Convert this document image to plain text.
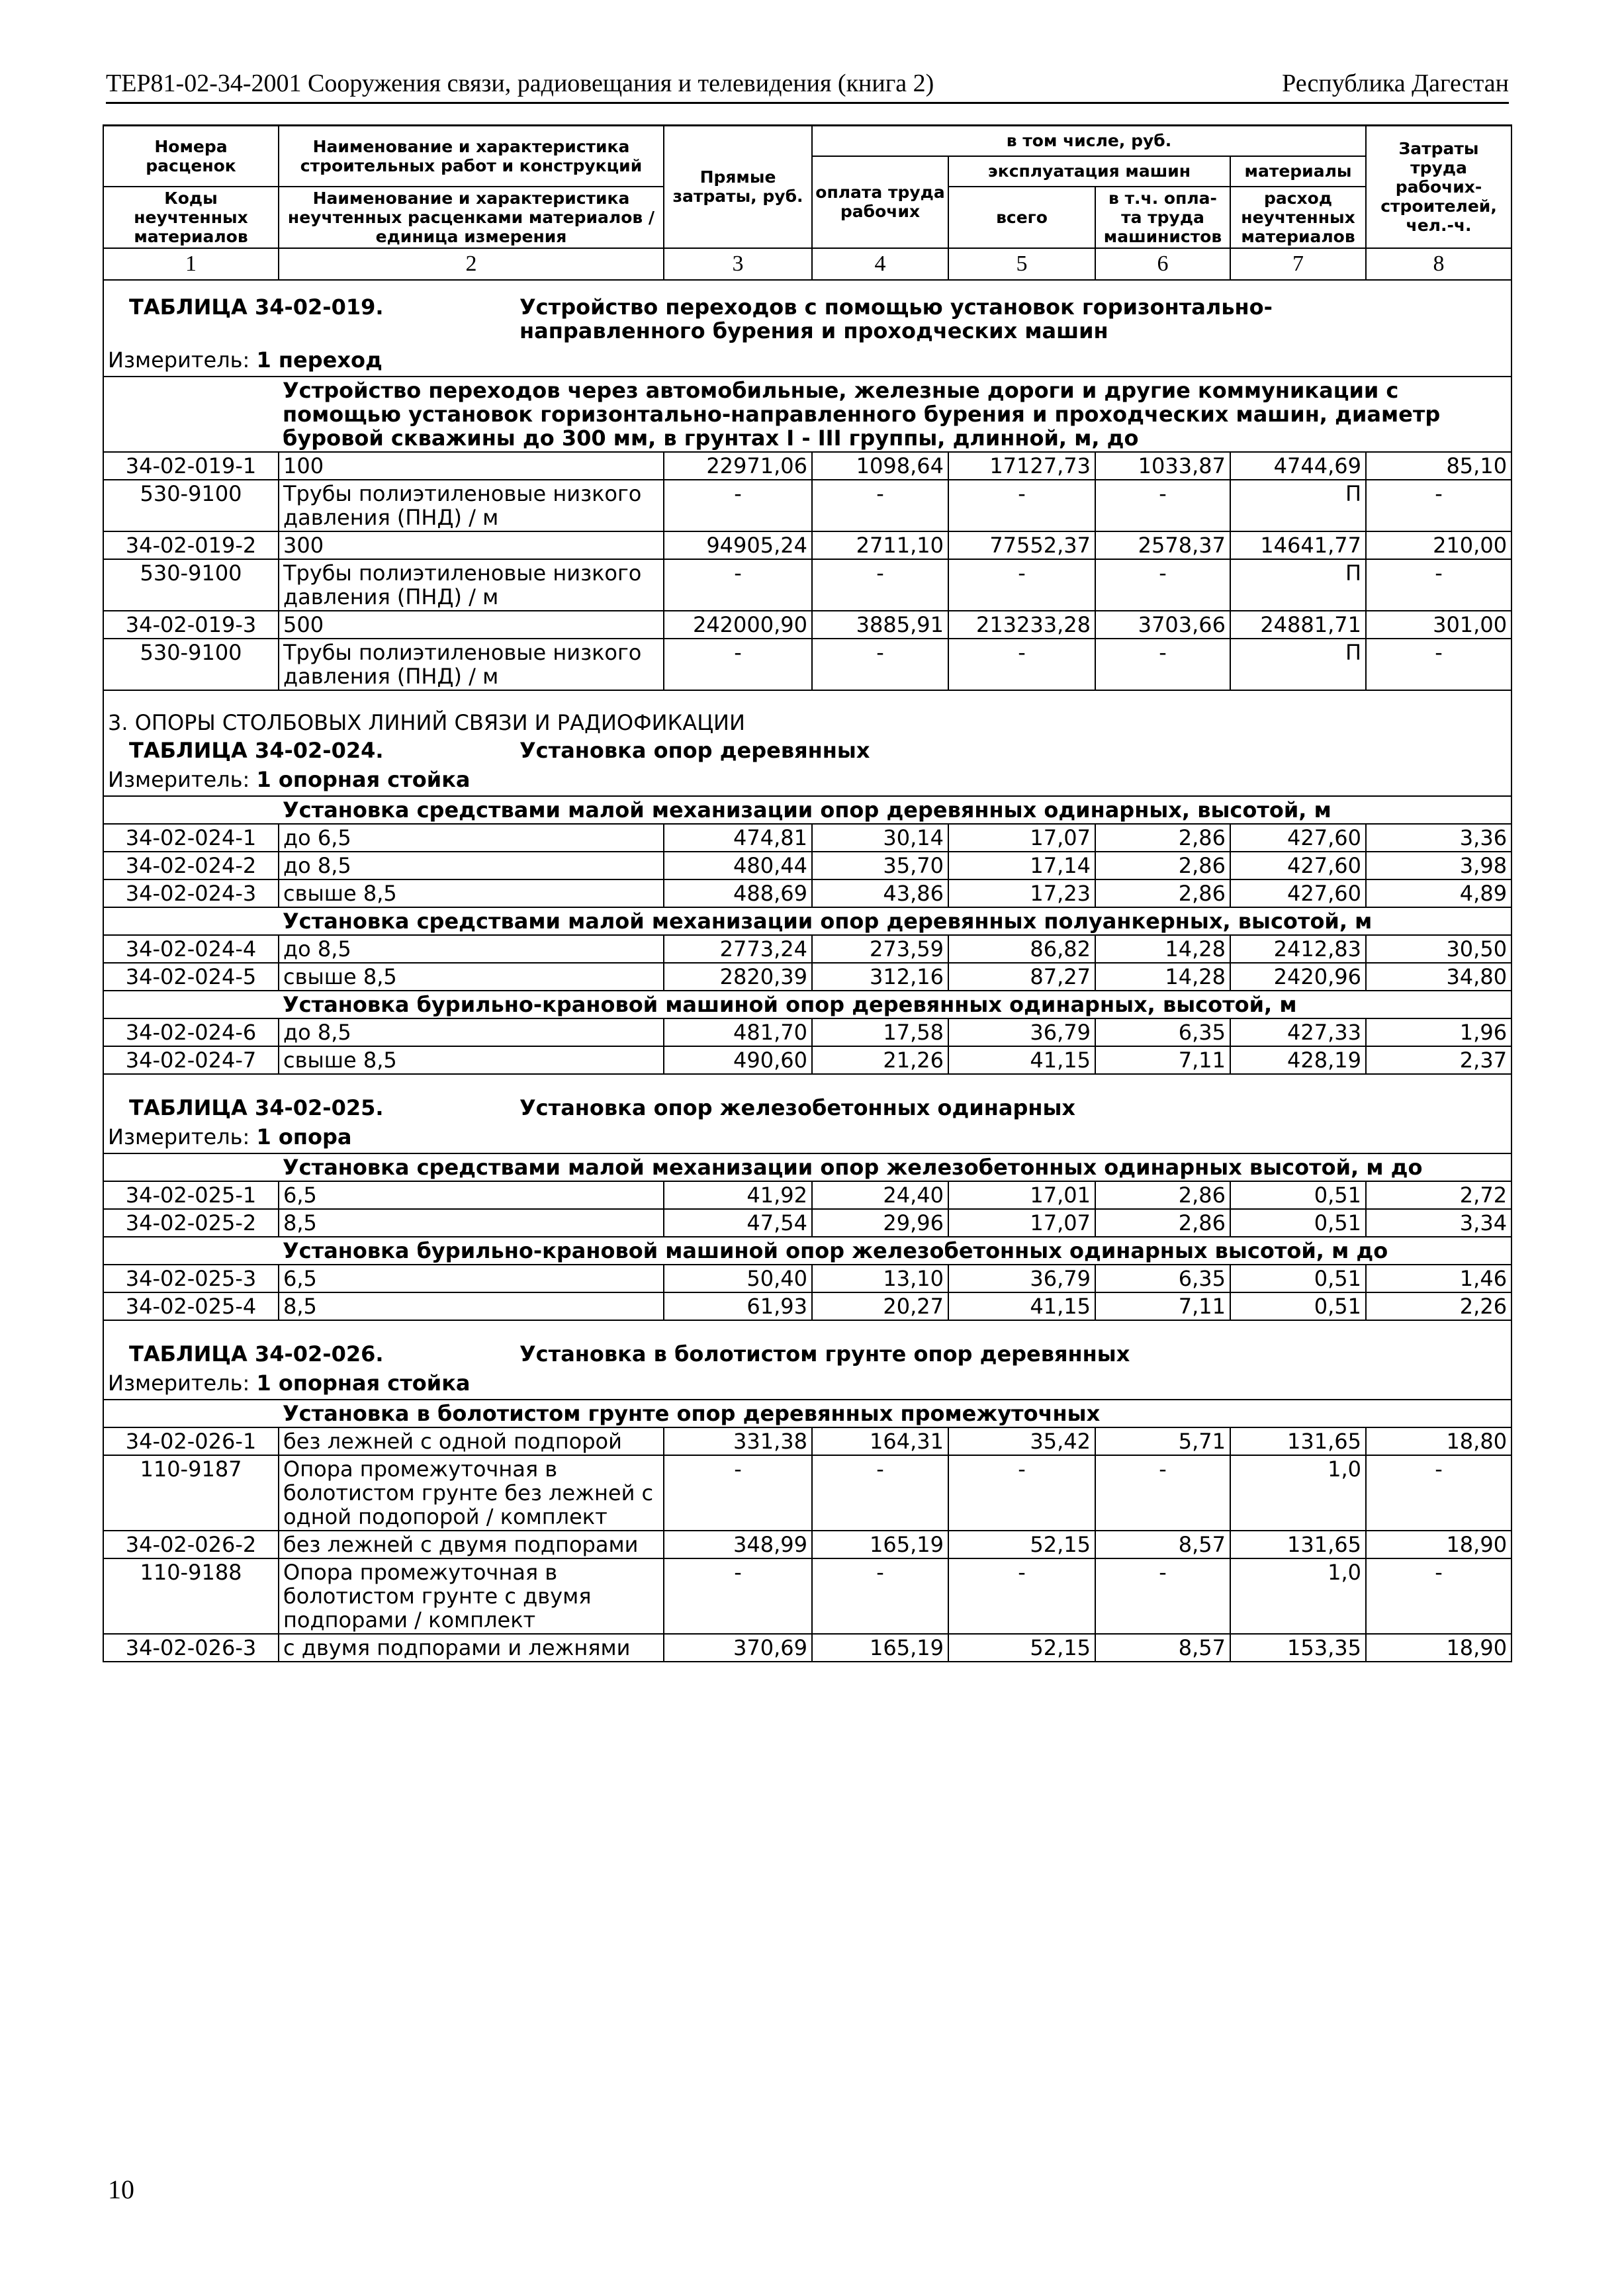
ТЕР81-02-34-2001 Сооружения связи, радиовещания и телевидения (книга 2)	Республика Дагестан
Номера расценок	Наименование и характеристика строительных работ и конструкций	Прямые затраты, руб.	в том числе, руб.				Затраты труда рабочих-строителей, чел.-ч.
			оплата труда рабочих	эксплуатация машин		материалы	
Коды неучтенных материалов	Наименование и характеристика неучтенных расценками материалов / единица измерения			всего	в т.ч. опла-та труда машинистов	расход неучтенных материалов	

1	2	3	4	5	6	7	8
ТАБЛИЦА 34-02-019. Устройство переходов с помощью установок горизонтально-
направленного бурения и проходческих машин							

Измеритель: 1 переход							
	Устройство переходов через автомобильные, железные дороги и другие коммуникации с помощью установок горизонтально-направленного бурения и проходческих машин, диаметр буровой скважины до 300 мм, в грунтах I - III группы, длинной, м, до						
34-02-019-1	100	22971,06	1098,64	17127,73	1033,87	4744,69	85,10
530-9100	Трубы полиэтиленовые низкого давления (ПНД) / м	-	-	-	-	П	-
34-02-019-2	300	94905,24	2711,10	77552,37	2578,37	14641,77	210,00
530-9100	Трубы полиэтиленовые низкого давления (ПНД) / м	-	-	-	-	П	-
34-02-019-3	500	242000,90	3885,91	213233,28	3703,66	24881,71	301,00
530-9100	Трубы полиэтиленовые низкого давления (ПНД) / м	-	-	-	-	П	-

3. ОПОРЫ СТОЛБОВЫХ ЛИНИЙ СВЯЗИ И РАДИОФИКАЦИИ							
ТАБЛИЦА 34-02-024. Установка опор деревянных							
Измеритель: 1 опорная стойка							
	Установка средствами малой механизации опор деревянных одинарных, высотой, м						
34-02-024-1	до 6,5	474,81	30,14	17,07	2,86	427,60	3,36
34-02-024-2	до 8,5	480,44	35,70	17,14	2,86	427,60	3,98
34-02-024-3	свыше 8,5	488,69	43,86	17,23	2,86	427,60	4,89
	Установка средствами малой механизации опор деревянных полуанкерных, высотой, м						
34-02-024-4	до 8,5	2773,24	273,59	86,82	14,28	2412,83	30,50
34-02-024-5	свыше 8,5	2820,39	312,16	87,27	14,28	2420,96	34,80
	Установка бурильно-крановой машиной опор деревянных одинарных, высотой, м						
34-02-024-6	до 8,5	481,70	17,58	36,79	6,35	427,33	1,96
34-02-024-7	свыше 8,5	490,60	21,26	41,15	7,11	428,19	2,37

ТАБЛИЦА 34-02-025. Установка опор железобетонных одинарных							
Измеритель: 1 опора							
	Установка средствами малой механизации опор железобетонных одинарных высотой, м до						
34-02-025-1	6,5	41,92	24,40	17,01	2,86	0,51	2,72
34-02-025-2	8,5	47,54	29,96	17,07	2,86	0,51	3,34
	Установка бурильно-крановой машиной опор железобетонных одинарных высотой, м до						
34-02-025-3	6,5	50,40	13,10	36,79	6,35	0,51	1,46
34-02-025-4	8,5	61,93	20,27	41,15	7,11	0,51	2,26

ТАБЛИЦА 34-02-026. Установка в болотистом грунте опор деревянных							
Измеритель: 1 опорная стойка							
	Установка в болотистом грунте опор деревянных промежуточных						
34-02-026-1	без лежней с одной подпорой	331,38	164,31	35,42	5,71	131,65	18,80
110-9187	Опора промежуточная в болотистом грунте без лежней с одной подопорой / комплект	-	-	-	-	1,0	-
34-02-026-2	без лежней с двумя подпорами	348,99	165,19	52,15	8,57	131,65	18,90
110-9188	Опора промежуточная в болотистом грунте с двумя подпорами / комплект	-	-	-	-	1,0	-
34-02-026-3	с двумя подпорами и лежнями	370,69	165,19	52,15	8,57	153,35	18,90
10
